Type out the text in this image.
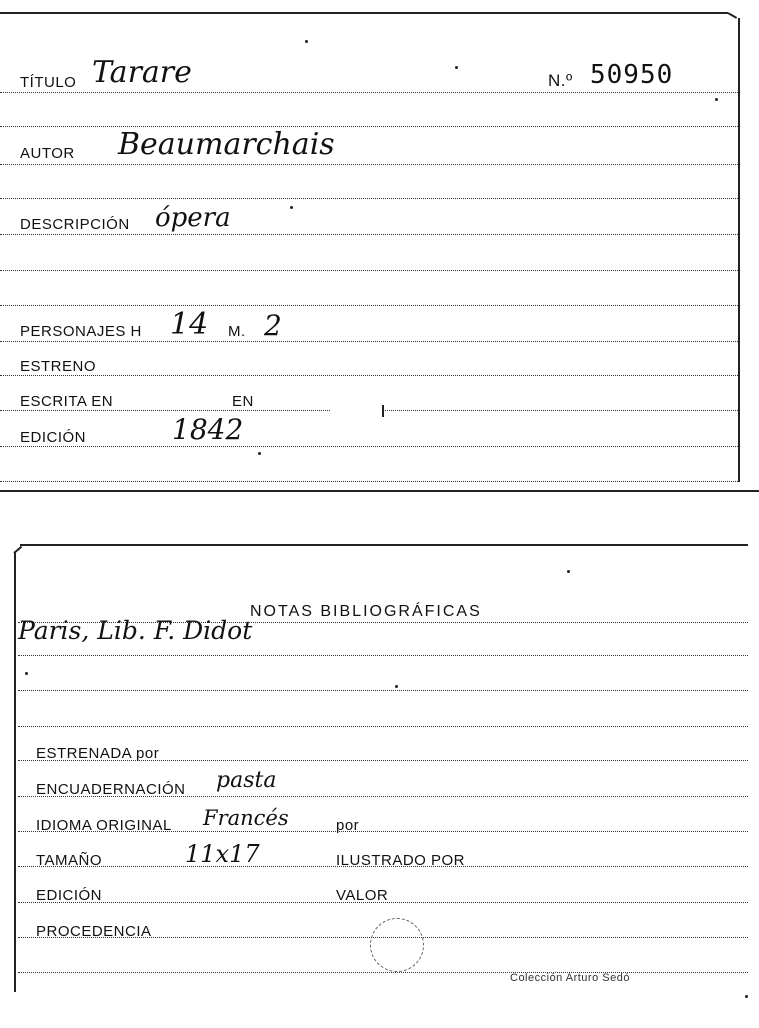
TÍTULO Tarare	N.º 50950
AUTOR Beaumarchais
DESCRIPCIÓN ópera
PERSONAJES H 14 M. 2
ESTRENO
ESCRITA EN	EN
EDICIÓN	1842
NOTAS BIBLIOGRÁFICAS
Paris, Lib. F. Didot
ESTRENADA por
ENCUADERNACIÓN pasta
IDIOMA ORIGINAL Francés	por
TAMAÑO	11x17	ILUSTRADO POR
EDICIÓN	VALOR
PROCEDENCIA
Colección Arturo Sedó
